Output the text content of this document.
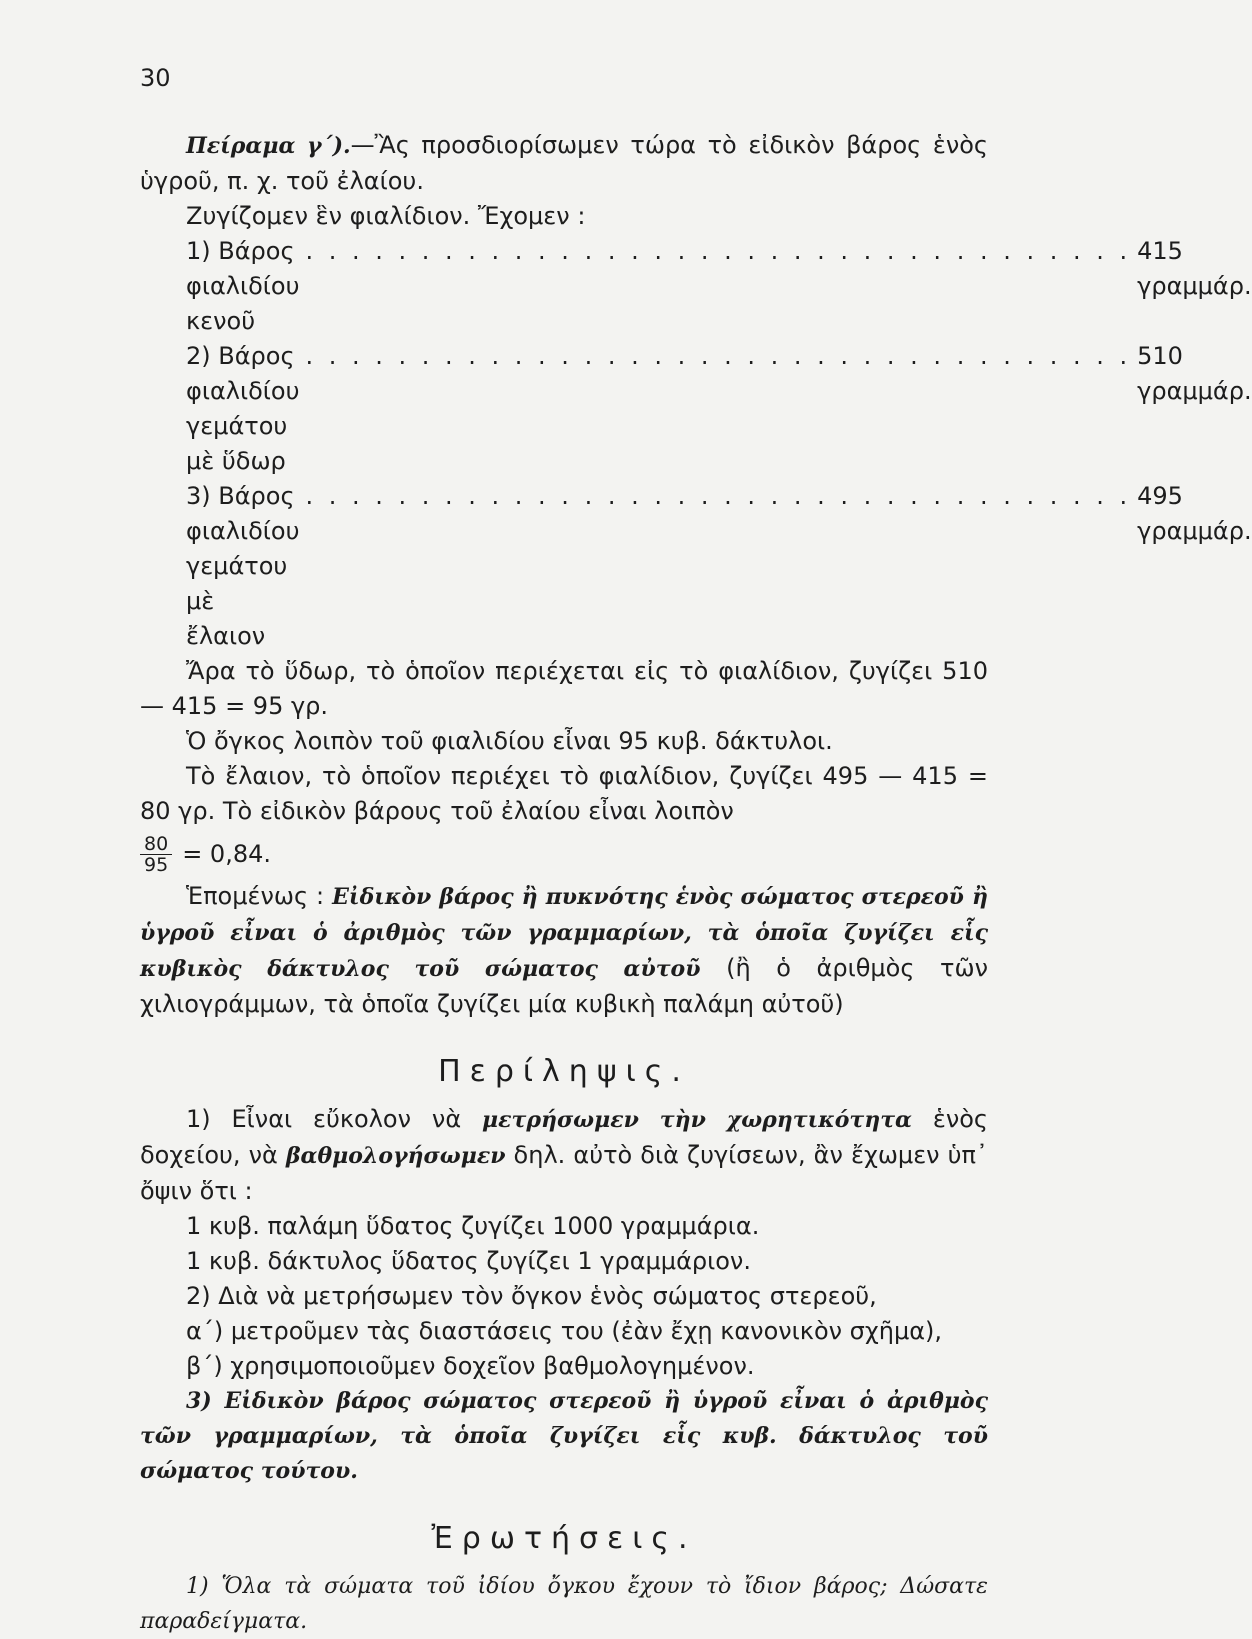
30

Πείραμα γ΄).—Ἂς προσδιορίσωμεν τώρα τὸ εἰδικὸν βάρος ἑνὸς ὑγροῦ, π. χ. τοῦ ἐλαίου.

Ζυγίζομεν ἓν φιαλίδιον. Ἔχομεν :

1) Βάρος φιαλιδίου κενοῦ
. . . . . . . . . . . . . . . . . . . . . . . . . . . . . . . . . . . . 415 γραμμάρ.
2) Βάρος φιαλιδίου γεμάτου μὲ ὕδωρ
. . . . . . . . . . . . . . . . . . . . . . . . . . . . . . . . . . . . 510 γραμμάρ.
3) Βάρος φιαλιδίου γεμάτου μὲ ἔλαιον
. . . . . . . . . . . . . . . . . . . . . . . . . . . . . . . . . . . . 495 γραμμάρ.

Ἄρα τὸ ὕδωρ, τὸ ὁποῖον περιέχεται εἰς τὸ φιαλίδιον, ζυγίζει 510 — 415 = 95 γρ.

Ὁ ὄγκος λοιπὸν τοῦ φιαλιδίου εἶναι 95 κυβ. δάκτυλοι.

Τὸ ἔλαιον, τὸ ὁποῖον περιέχει τὸ φιαλίδιον, ζυγίζει 495 — 415 = 80 γρ. Τὸ εἰδικὸν βάρους τοῦ ἐλαίου εἶναι λοιπὸν

$\frac{80}{95} = 0,84$.

Ἑπομένως : Εἰδικὸν βάρος ἢ πυκνότης ἑνὸς σώματος στερεοῦ ἢ ὑγροῦ εἶναι ὁ ἀριθμὸς τῶν γραμμαρίων, τὰ ὁποῖα ζυγίζει εἷς κυβικὸς δάκτυλος τοῦ σώματος αὐτοῦ (ἢ ὁ ἀριθμὸς τῶν χιλιογράμμων, τὰ ὁποῖα ζυγίζει μία κυβικὴ παλάμη αὐτοῦ)

Περίληψις.

1) Εἶναι εὔκολον νὰ μετρήσωμεν τὴν χωρητικότητα ἑνὸς δοχείου, νὰ βαθμολογήσωμεν δηλ. αὐτὸ διὰ ζυγίσεων, ἂν ἔχωμεν ὑπ᾽ ὄψιν ὅτι :

1 κυβ. παλάμη ὕδατος ζυγίζει 1000 γραμμάρια.

1 κυβ. δάκτυλος ὕδατος ζυγίζει 1 γραμμάριον.

2) Διὰ νὰ μετρήσωμεν τὸν ὄγκον ἑνὸς σώματος στερεοῦ,

α΄) μετροῦμεν τὰς διαστάσεις του (ἐὰν ἔχῃ κανονικὸν σχῆμα),

β΄) χρησιμοποιοῦμεν δοχεῖον βαθμολογημένον.

3) Εἰδικὸν βάρος σώματος στερεοῦ ἢ ὑγροῦ εἶναι ὁ ἀριθμὸς τῶν γραμμαρίων, τὰ ὁποῖα ζυγίζει εἷς κυβ. δάκτυλος τοῦ σώματος τούτου.

Ἐρωτήσεις.

1) Ὅλα τὰ σώματα τοῦ ἰδίου ὄγκου ἔχουν τὸ ἴδιον βάρος; Δώσατε παραδείγματα.
